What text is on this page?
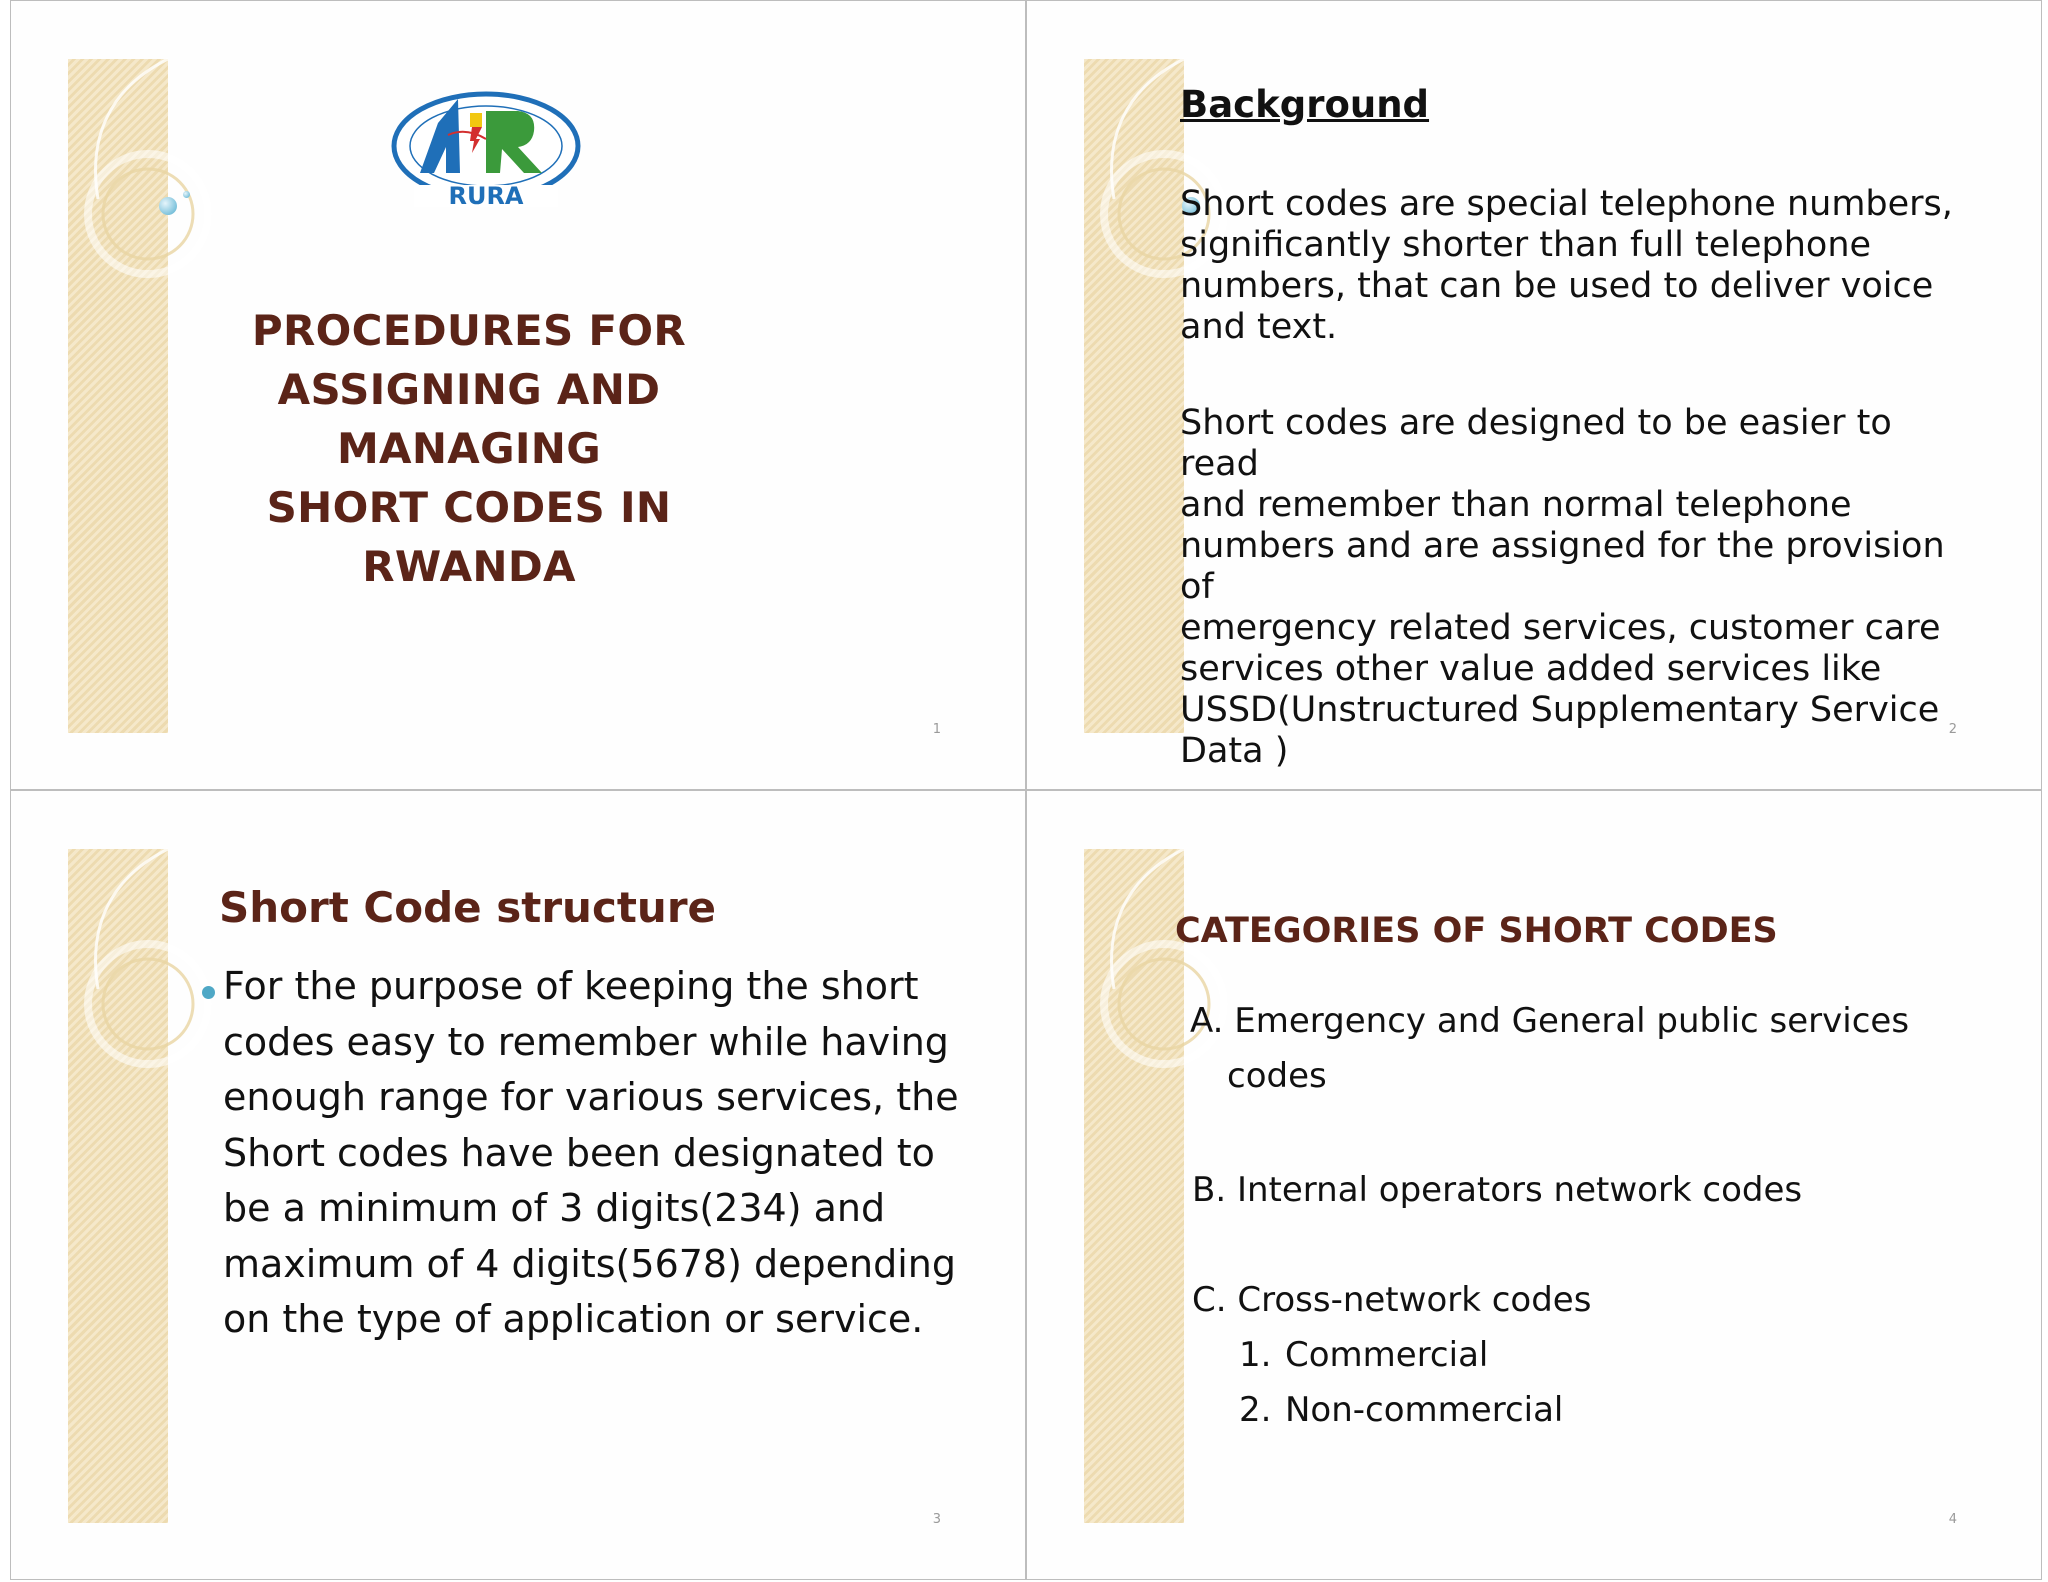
RURA
PROCEDURES FOR
ASSIGNING AND MANAGING
SHORT CODES IN RWANDA
1
Background
Short codes are special telephone numbers,
significantly shorter than full telephone
numbers, that can be used to deliver voice
and text.
Short codes are designed to be easier to read
and remember than normal telephone
numbers and are assigned for the provision of
emergency related services, customer care
services other value added services like
USSD(Unstructured Supplementary Service
Data )
2
Short Code structure
For the purpose of keeping the short
codes easy to remember while having
enough range for various services, the
Short codes have been designated to
be a minimum of 3 digits(234) and
maximum of 4 digits(5678) depending
on the type of application or service.
3
CATEGORIES OF SHORT CODES
A. Emergency and General public services
codes
B. Internal operators network codes
C. Cross-network codes
1. Commercial
2. Non-commercial
4
